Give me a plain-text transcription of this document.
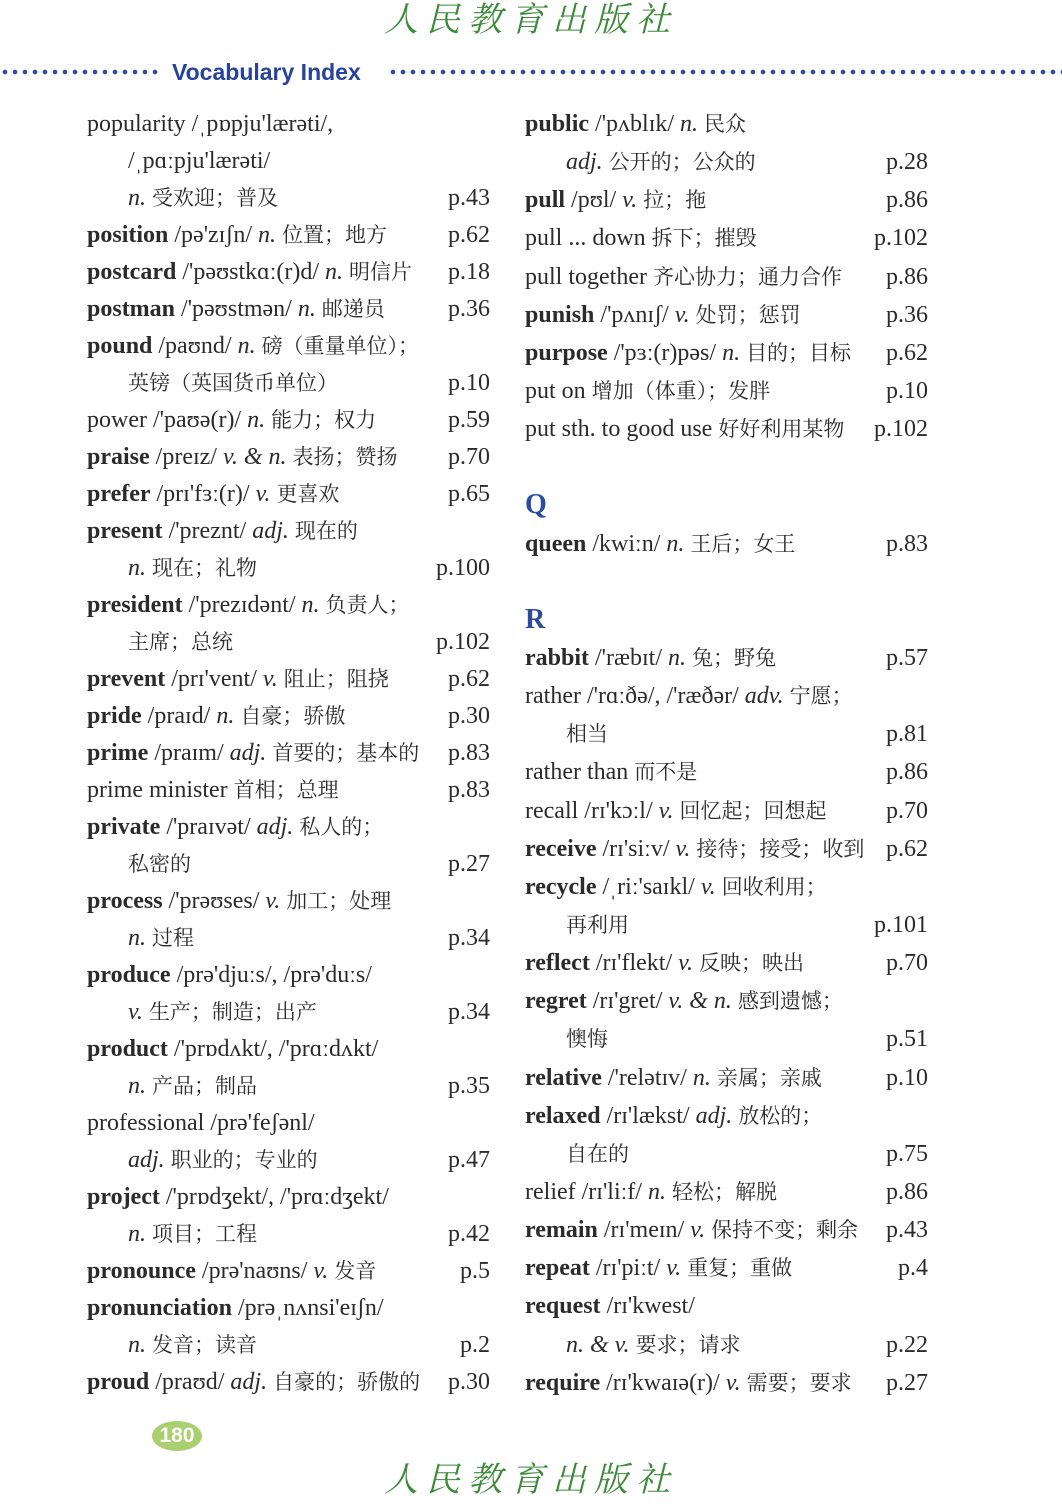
人民教育出版社
Vocabulary Index
popularity /ˌpɒpju'lærəti/,
/ˌpɑːpju'lærəti/
n. 受欢迎；普及	p.43
position /pə'zɪʃn/ n. 位置；地方	p.62
postcard /'pəʊstkɑː(r)d/ n. 明信片 p.18
postman /'pəʊstmən/ n. 邮递员	p.36
pound /paʊnd/ n. 磅（重量单位）；
英镑（英国货币单位）	p.10
power /'paʊə(r)/ n. 能力；权力	p.59
praise /preɪz/ v. & n. 表扬；赞扬 p.70
prefer /prɪ'fɜː(r)/ v. 更喜欢	p.65
present /'preznt/ adj. 现在的
n. 现在；礼物	p.100
president /'prezɪdənt/ n. 负责人；
主席；总统	p.102
prevent /prɪ'vent/ v. 阻止；阻挠 p.62
pride /praɪd/ n. 自豪；骄傲	p.30
prime /praɪm/ adj. 首要的；基本的 p.83
prime minister 首相；总理	p.83
private /'praɪvət/ adj. 私人的；
私密的	p.27
process /'prəʊses/ v. 加工；处理
n. 过程	p.34
produce /prə'djuːs/, /prə'duːs/
v. 生产；制造；出产	p.34
product /'prɒdʌkt/, /'prɑːdʌkt/
n. 产品；制品	p.35
professional /prə'feʃənl/
adj. 职业的；专业的	p.47
project /'prɒdʒekt/, /'prɑːdʒekt/
n. 项目；工程	p.42
pronounce /prə'naʊns/ v. 发音	p.5
pronunciation /prəˌnʌnsi'eɪʃn/
n. 发音；读音	p.2
proud /praʊd/ adj. 自豪的；骄傲的 p.30
public /'pʌblɪk/ n. 民众
adj. 公开的；公众的	p.28
pull /pʊl/ v. 拉；拖	p.86
pull ... down 拆下；摧毁	p.102
pull together 齐心协力；通力合作 p.86
punish /'pʌnɪʃ/ v. 处罚；惩罚	p.36
purpose /'pɜː(r)pəs/ n. 目的；目标 p.62
put on 增加（体重）；发胖	p.10
put sth. to good use 好好利用某物 p.102
Q
queen /kwiːn/ n. 王后；女王	p.83
R
rabbit /'ræbɪt/ n. 兔；野兔	p.57
rather /'rɑːðə/, /'ræðər/ adv. 宁愿；
相当	p.81
rather than 而不是	p.86
recall /rɪ'kɔːl/ v. 回忆起；回想起 p.70
receive /rɪ'siːv/ v. 接待；接受；收到 p.62
recycle /ˌriː'saɪkl/ v. 回收利用；
再利用	p.101
reflect /rɪ'flekt/ v. 反映；映出	p.70
regret /rɪ'gret/ v. & n. 感到遗憾；
懊悔	p.51
relative /'relətɪv/ n. 亲属；亲戚	p.10
relaxed /rɪ'lækst/ adj. 放松的；
自在的	p.75
relief /rɪ'liːf/ n. 轻松；解脱	p.86
remain /rɪ'meɪn/ v. 保持不变；剩余 p.43
repeat /rɪ'piːt/ v. 重复；重做	p.4
request /rɪ'kwest/
n. & v. 要求；请求	p.22
require /rɪ'kwaɪə(r)/ v. 需要；要求 p.27
180
人民教育出版社
